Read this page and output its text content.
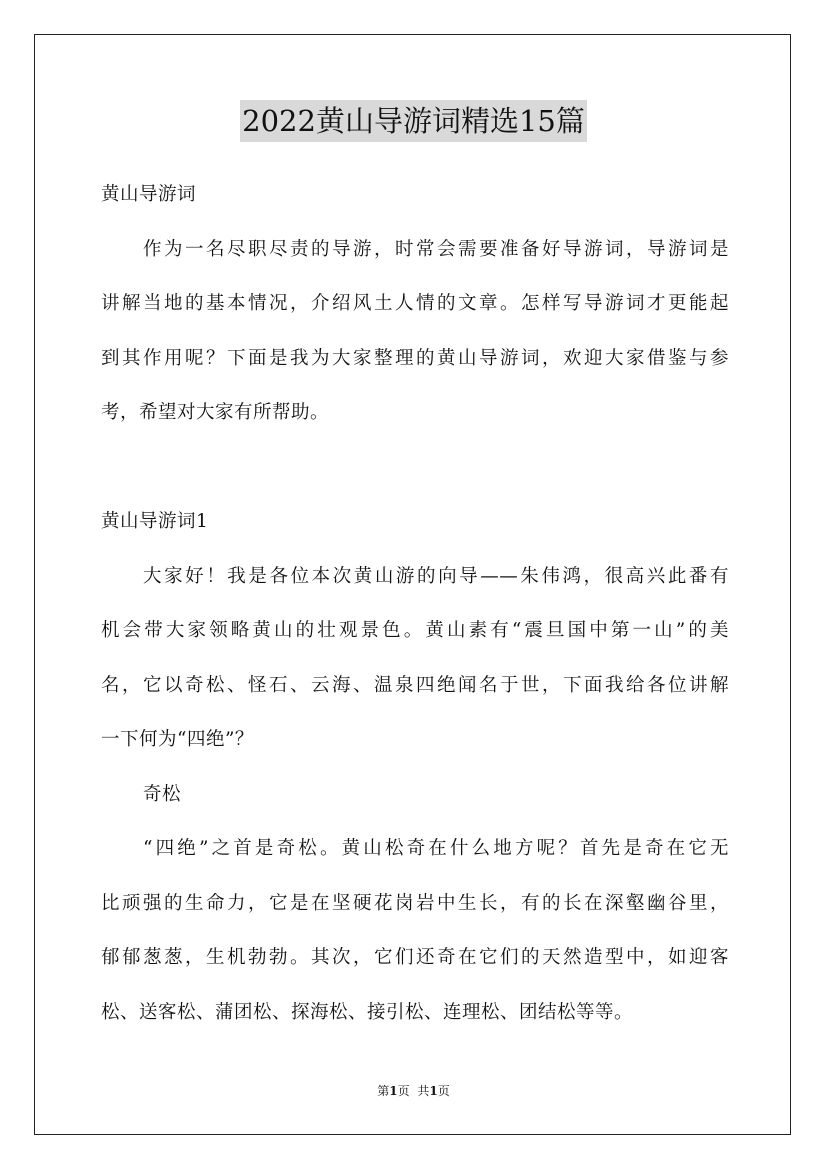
2022黄山导游词精选15篇
黄山导游词
作为一名尽职尽责的导游，时常会需要准备好导游词，导游词是
讲解当地的基本情况，介绍风土人情的文章。怎样写导游词才更能起
到其作用呢？下面是我为大家整理的黄山导游词，欢迎大家借鉴与参
考，希望对大家有所帮助。
黄山导游词1
大家好！我是各位本次黄山游的向导——朱伟鸿，很高兴此番有
机会带大家领略黄山的壮观景色。黄山素有“震旦国中第一山”的美
名，它以奇松、怪石、云海、温泉四绝闻名于世，下面我给各位讲解
一下何为“四绝”？
奇松
“四绝”之首是奇松。黄山松奇在什么地方呢？首先是奇在它无
比顽强的生命力，它是在坚硬花岗岩中生长，有的长在深壑幽谷里，
郁郁葱葱，生机勃勃。其次，它们还奇在它们的天然造型中，如迎客
松、送客松、蒲团松、探海松、接引松、连理松、团结松等等。
第1页 共1页
